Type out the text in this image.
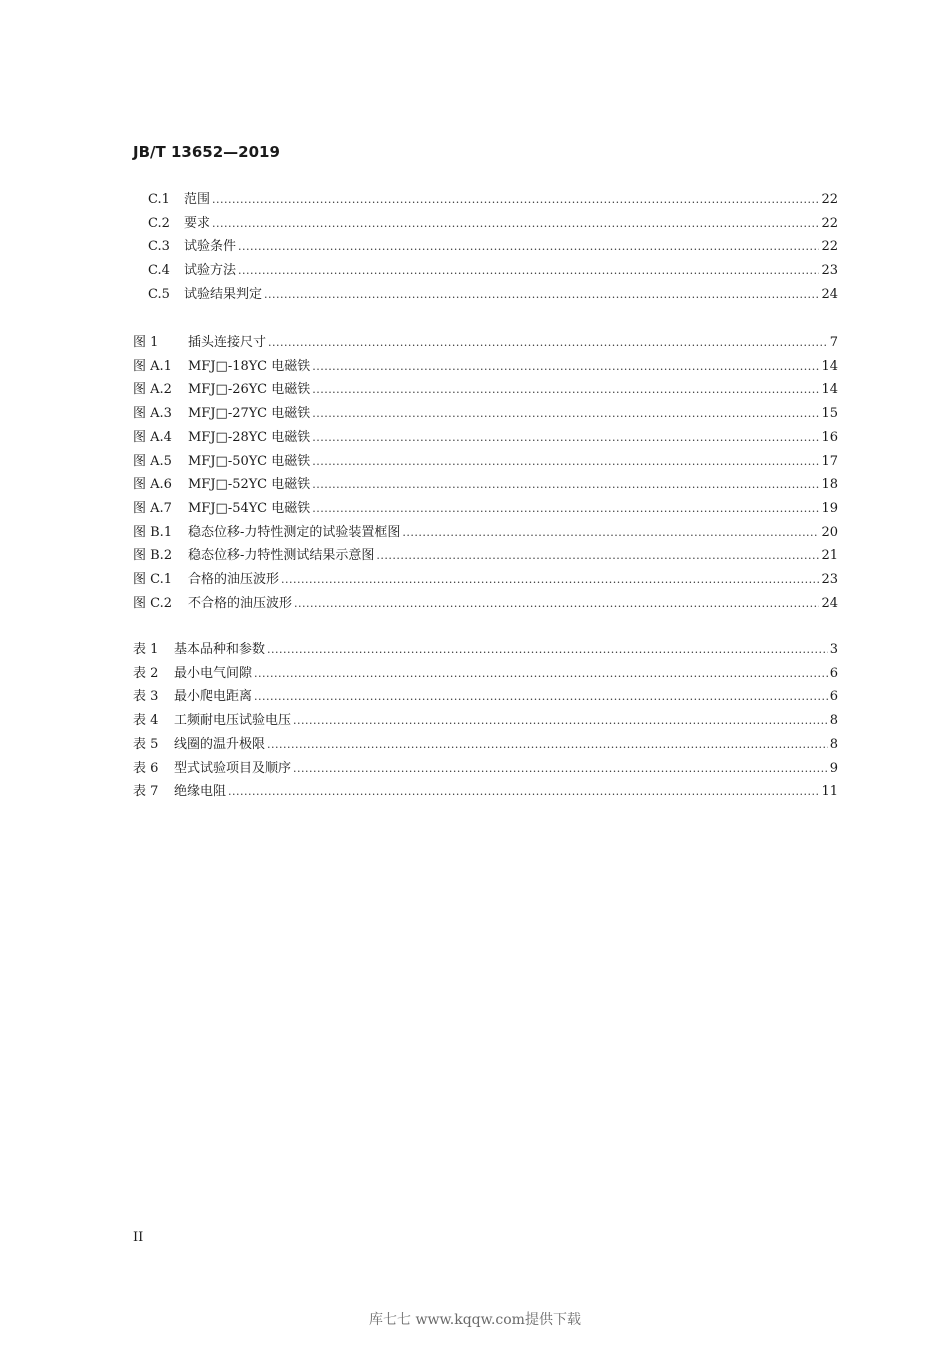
JB/T 13652—2019
C.1	范围 .....	22
C.2	要求 .....	22
C.3	试验条件 .....	22
C.4	试验方法 .....	23
C.5	试验结果判定 .....	24
图 1	插头连接尺寸 .....	7
图 A.1	MFJ□-18YC 电磁铁 .....	14
图 A.2	MFJ□-26YC 电磁铁 .....	14
图 A.3	MFJ□-27YC 电磁铁 .....	15
图 A.4	MFJ□-28YC 电磁铁 .....	16
图 A.5	MFJ□-50YC 电磁铁 .....	17
图 A.6	MFJ□-52YC 电磁铁 .....	18
图 A.7	MFJ□-54YC 电磁铁 .....	19
图 B.1	稳态位移-力特性测定的试验装置框图 .....	20
图 B.2	稳态位移-力特性测试结果示意图 .....	21
图 C.1	合格的油压波形 .....	23
图 C.2	不合格的油压波形 .....	24
表 1	基本品种和参数 .....	3
表 2	最小电气间隙 .....	6
表 3	最小爬电距离 .....	6
表 4	工频耐电压试验电压 .....	8
表 5	线圈的温升极限 .....	8
表 6	型式试验项目及顺序 .....	9
表 7	绝缘电阻 .....	11
II
库七七 www.kqqw.com提供下载
